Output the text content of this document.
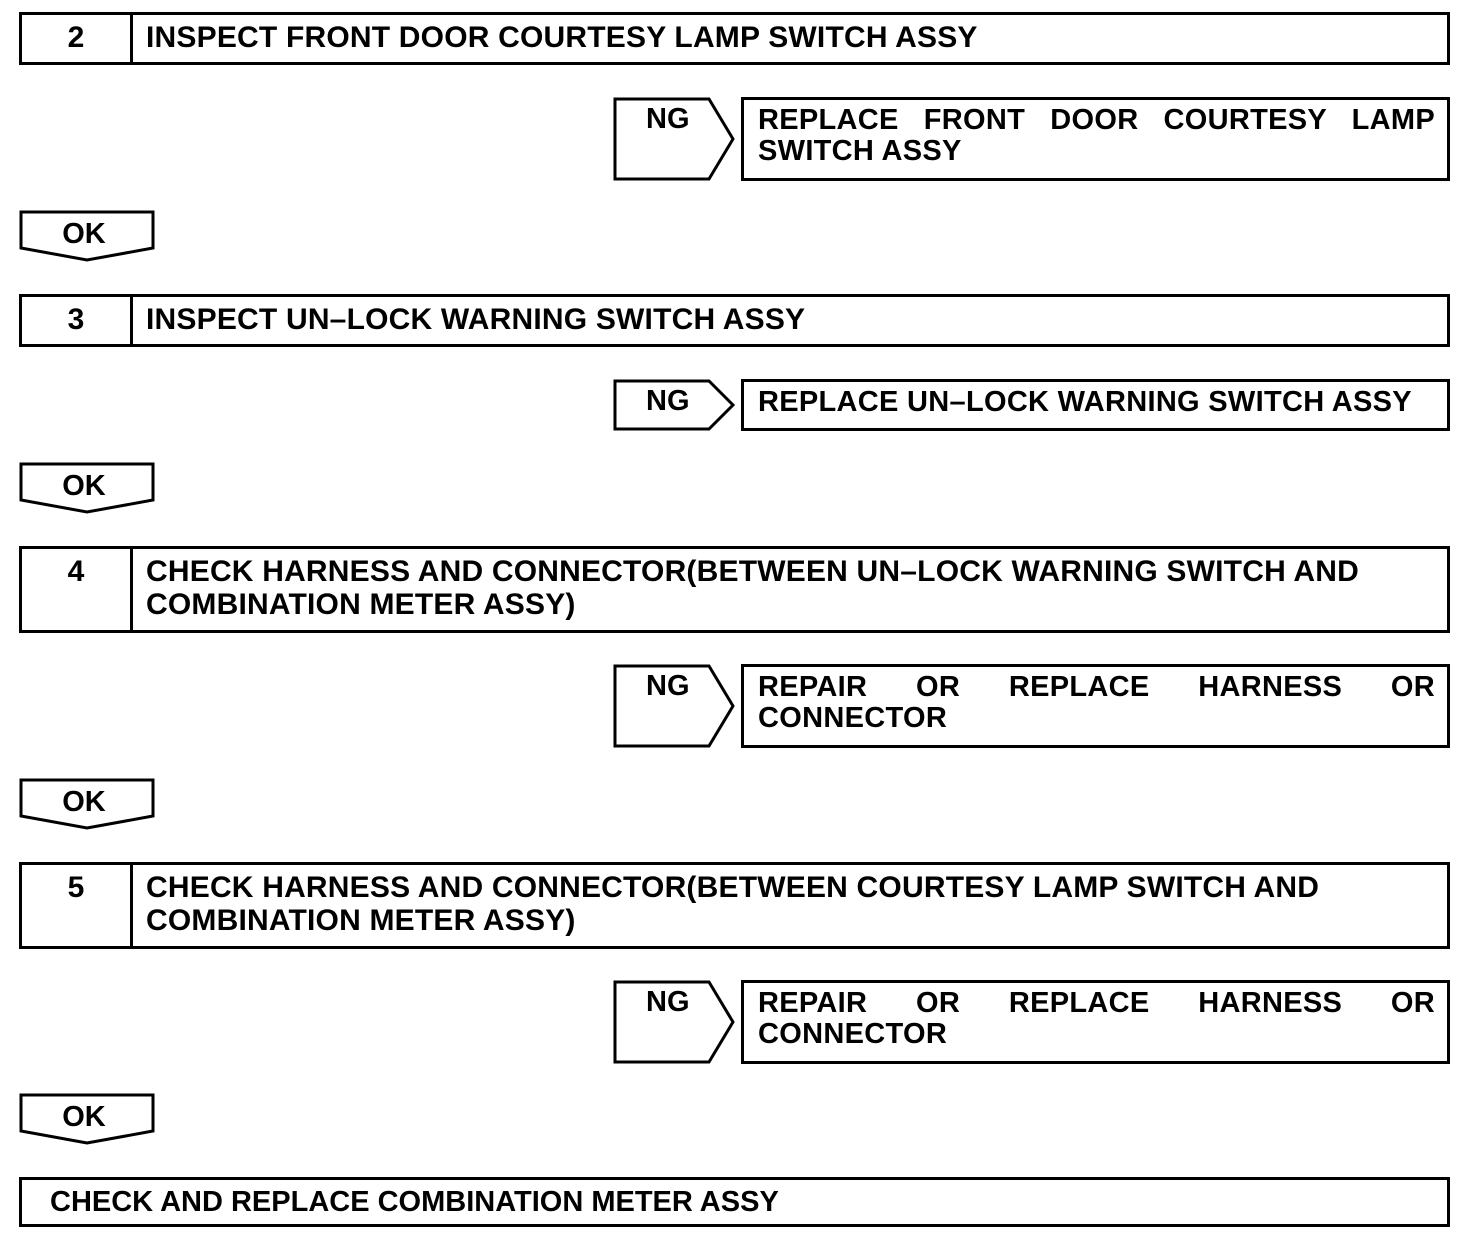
2	INSPECT FRONT DOOR COURTESY LAMP SWITCH ASSY
NG	REPLACE FRONT DOOR COURTESY LAMP SWITCH ASSY
OK
3	INSPECT UN–LOCK WARNING SWITCH ASSY
NG	REPLACE UN–LOCK WARNING SWITCH ASSY
OK
4	CHECK HARNESS AND CONNECTOR(BETWEEN UN–LOCK WARNING SWITCH AND COMBINATION METER ASSY)
NG	REPAIR OR REPLACE HARNESS OR CONNECTOR
OK
5	CHECK HARNESS AND CONNECTOR(BETWEEN COURTESY LAMP SWITCH AND COMBINATION METER ASSY)
NG	REPAIR OR REPLACE HARNESS OR CONNECTOR
OK
CHECK AND REPLACE COMBINATION METER ASSY
